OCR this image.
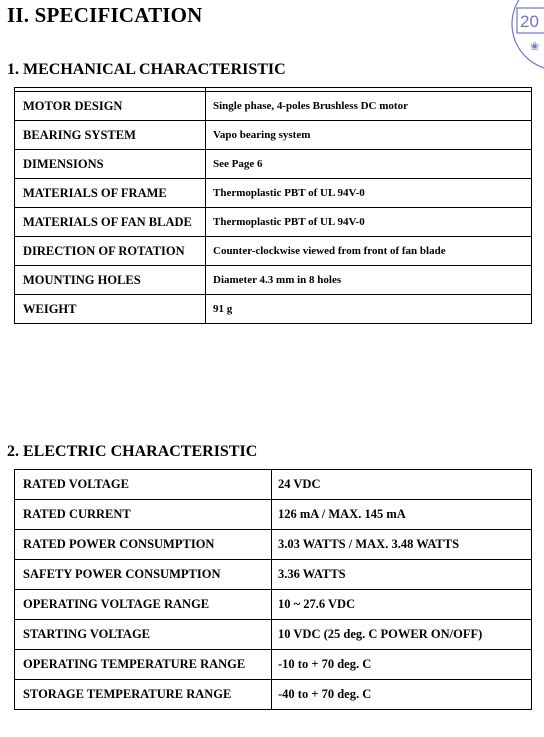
II. SPECIFICATION	20
❀
1. MECHANICAL CHARACTERISTIC

MOTOR DESIGN	Single phase, 4-poles Brushless DC motor
BEARING SYSTEM	Vapo bearing system
DIMENSIONS	See Page 6
MATERIALS OF FRAME	Thermoplastic PBT of UL 94V-0
MATERIALS OF FAN BLADE	Thermoplastic PBT of UL 94V-0
DIRECTION OF ROTATION	Counter-clockwise viewed from front of fan blade
MOUNTING HOLES	Diameter 4.3 mm in 8 holes
WEIGHT	91 g
2. ELECTRIC CHARACTERISTIC
RATED VOLTAGE	24 VDC
RATED CURRENT	126 mA / MAX. 145 mA
RATED POWER CONSUMPTION	3.03 WATTS / MAX. 3.48 WATTS
SAFETY POWER CONSUMPTION	3.36 WATTS
OPERATING VOLTAGE RANGE	10 ~ 27.6 VDC
STARTING VOLTAGE	10 VDC (25 deg. C POWER ON/OFF)
OPERATING TEMPERATURE RANGE	-10 to + 70 deg. C
STORAGE TEMPERATURE RANGE	-40 to + 70 deg. C
